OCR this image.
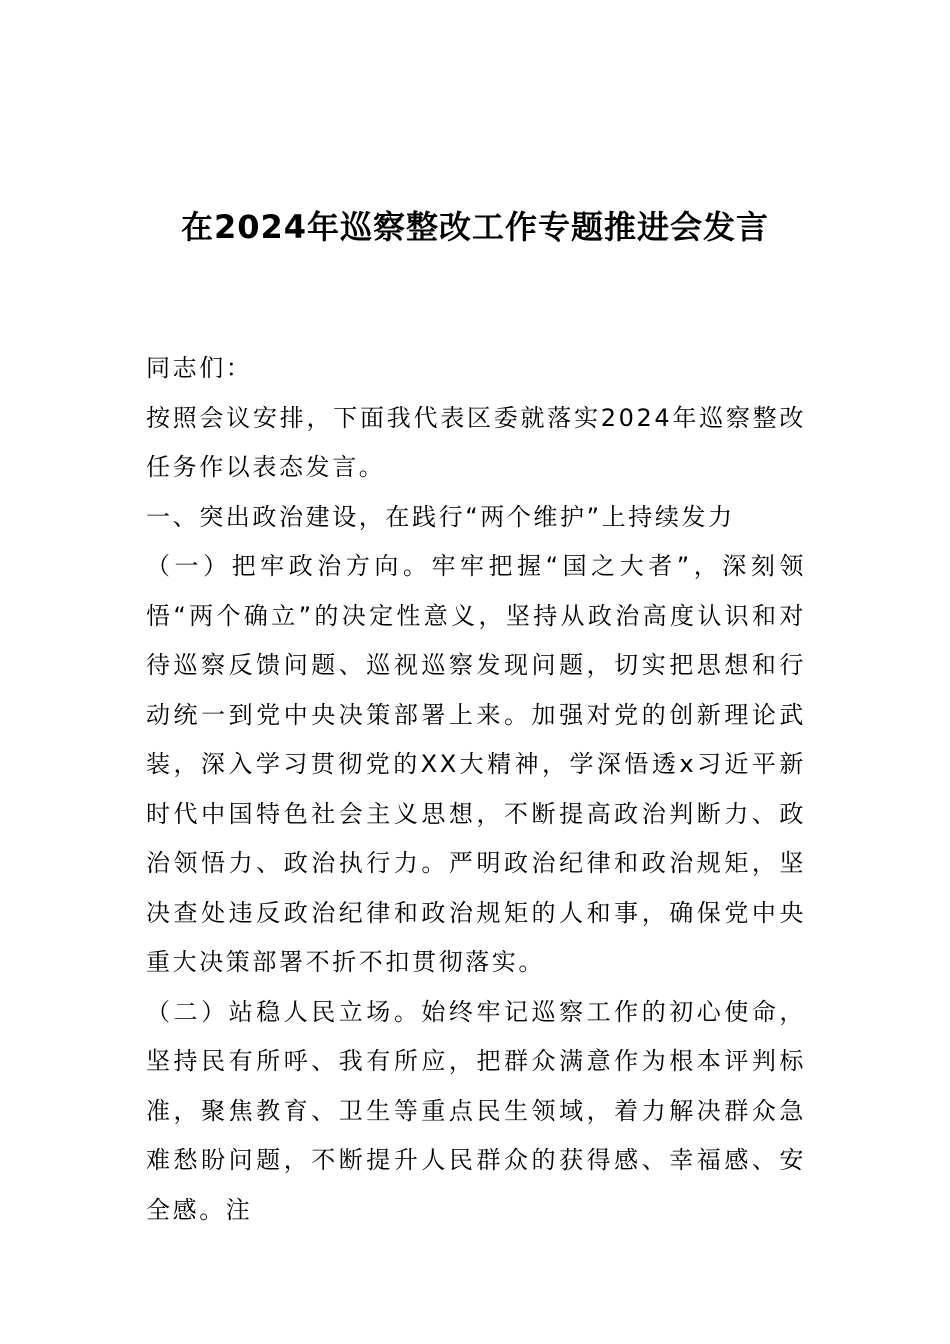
在2024年巡察整改工作专题推进会发言

同志们：

按照会议安排，下面我代表区委就落实2024年巡察整改任务作以表态发言。

一、突出政治建设，在践行“两个维护”上持续发力

（一）把牢政治方向。牢牢把握“国之大者”，深刻领悟“两个确立”的决定性意义，坚持从政治高度认识和对待巡察反馈问题、巡视巡察发现问题，切实把思想和行动统一到党中央决策部署上来。加强对党的创新理论武装，深入学习贯彻党的XX大精神，学深悟透x习近平新时代中国特色社会主义思想，不断提高政治判断力、政治领悟力、政治执行力。严明政治纪律和政治规矩，坚决查处违反政治纪律和政治规矩的人和事，确保党中央重大决策部署不折不扣贯彻落实。

（二）站稳人民立场。始终牢记巡察工作的初心使命，坚持民有所呼、我有所应，把群众满意作为根本评判标准，聚焦教育、卫生等重点民生领域，着力解决群众急难愁盼问题，不断提升人民群众的获得感、幸福感、安全感。注
